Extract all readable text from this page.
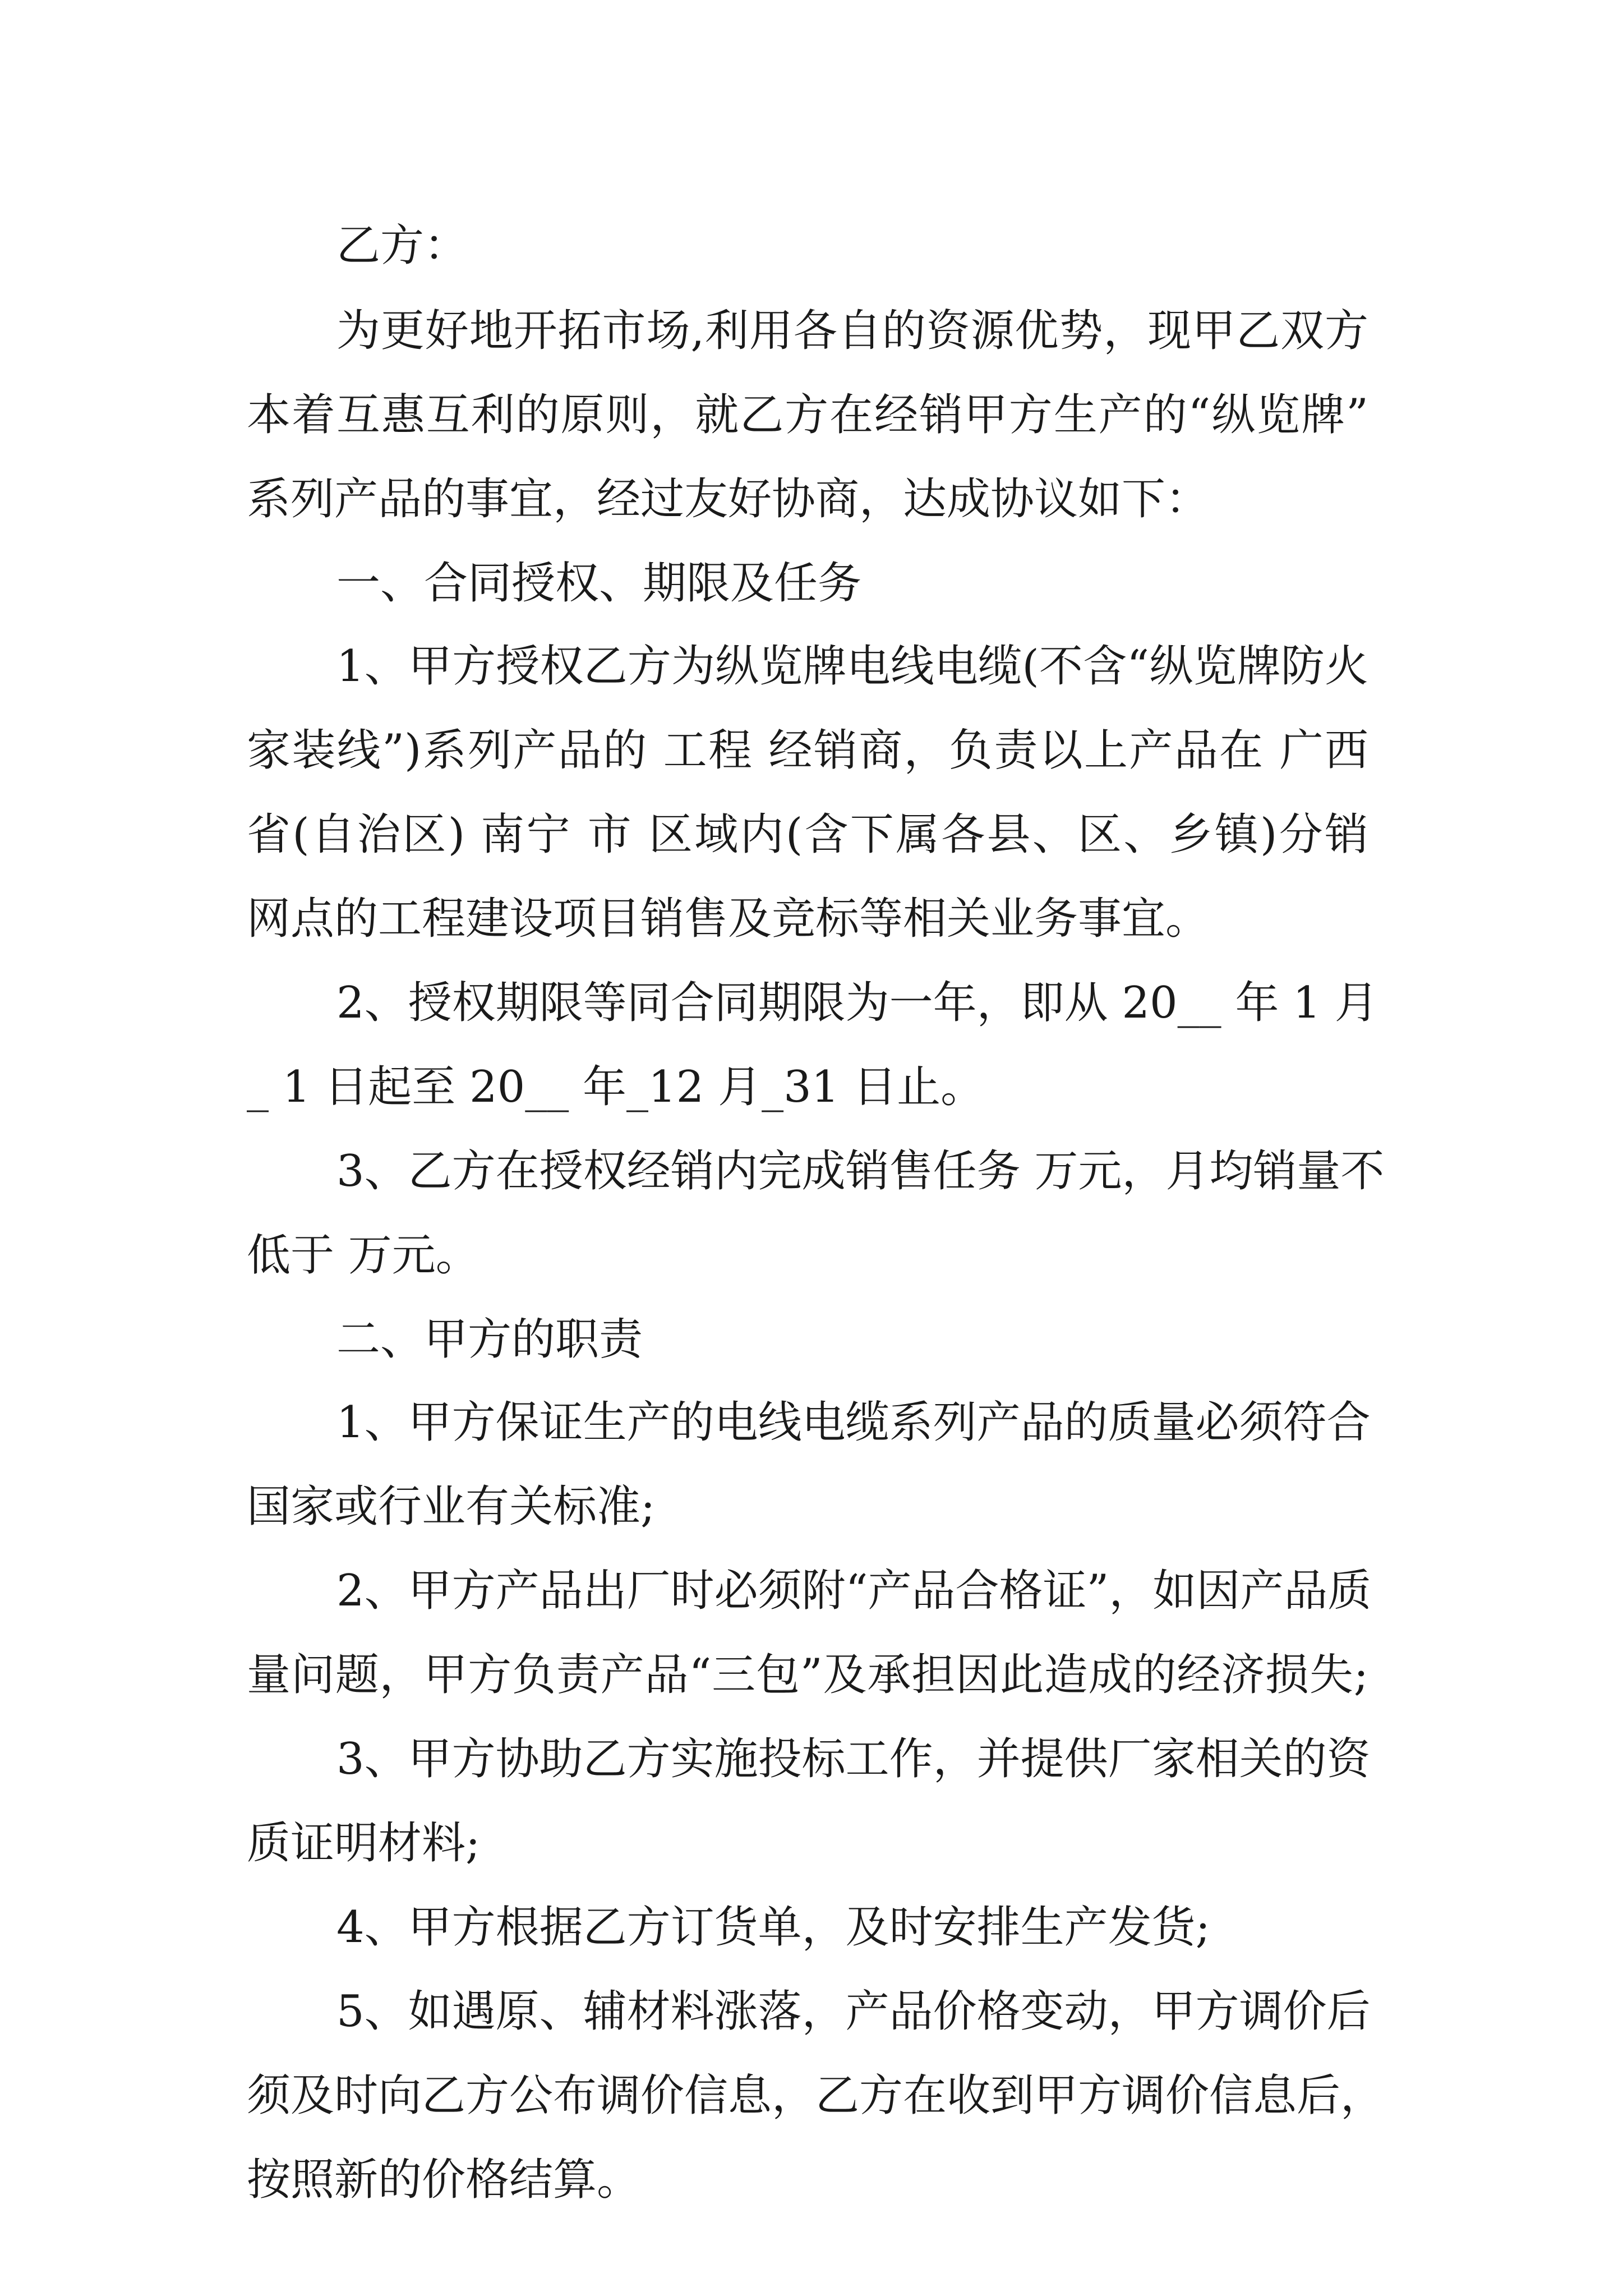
乙方：
为更好地开拓市场,利用各自的资源优势，现甲乙双方
本着互惠互利的原则，就乙方在经销甲方生产的“纵览牌”
系列产品的事宜，经过友好协商，达成协议如下：
一、合同授权、期限及任务
1、甲方授权乙方为纵览牌电线电缆(不含“纵览牌防火
家装线”)系列产品的 工程 经销商，负责以上产品在 广西
省(自治区) 南宁 市 区域内(含下属各县、区、乡镇)分销
网点的工程建设项目销售及竞标等相关业务事宜。
2、授权期限等同合同期限为一年，即从 20__ 年 1 月
_ 1 日起至 20__ 年_12 月_31 日止。
3、乙方在授权经销内完成销售任务 万元，月均销量不
低于 万元。
二、甲方的职责
1、甲方保证生产的电线电缆系列产品的质量必须符合
国家或行业有关标准;
2、甲方产品出厂时必须附“产品合格证”，如因产品质
量问题，甲方负责产品“三包”及承担因此造成的经济损失;
3、甲方协助乙方实施投标工作，并提供厂家相关的资
质证明材料;
4、甲方根据乙方订货单，及时安排生产发货;
5、如遇原、辅材料涨落，产品价格变动，甲方调价后
须及时向乙方公布调价信息，乙方在收到甲方调价信息后，
按照新的价格结算。
